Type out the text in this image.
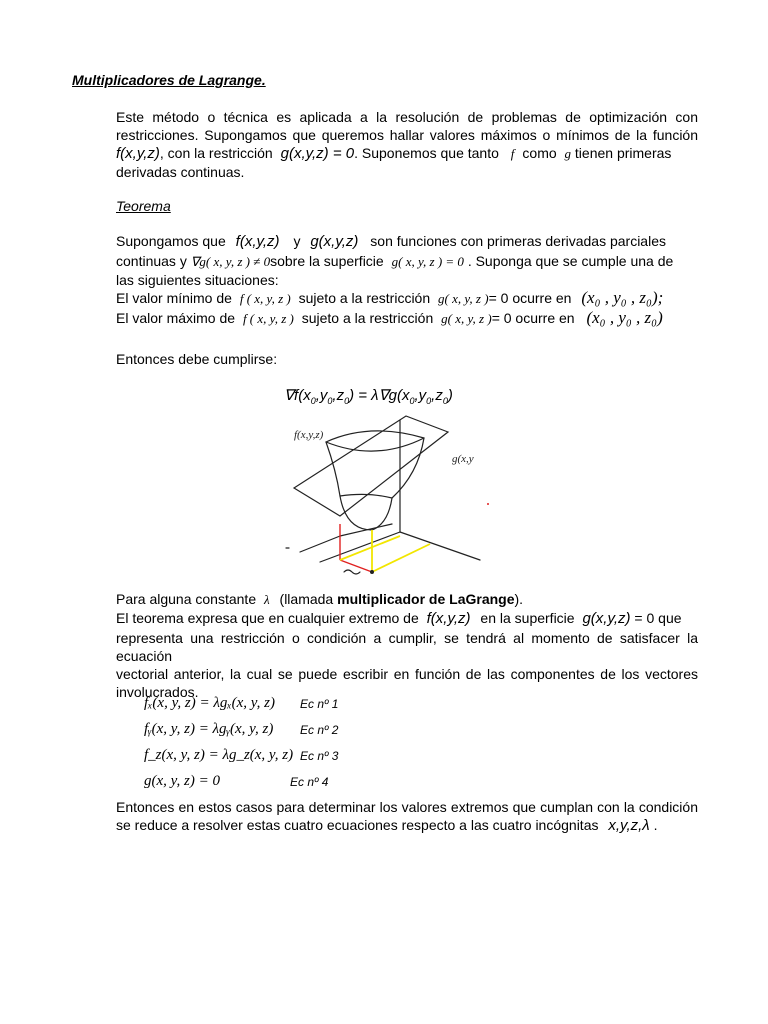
Multiplicadores de Lagrange.
Este método o técnica es aplicada a la resolución de problemas de optimización con
restricciones. Supongamos que queremos hallar valores máximos o mínimos de la función
f(x,y,z), con la restricción g(x,y,z) = 0. Suponemos que tanto f como g tienen primeras
derivadas continuas.
Teorema
Supongamos que f(x,y,z) y g(x,y,z) son funciones con primeras derivadas parciales
continuas y ∇g( x, y, z ) ≠ 0sobre la superficie g( x, y, z ) = 0 . Suponga que se cumple una de
las siguientes situaciones:
El valor mínimo de f ( x, y, z ) sujeto a la restricción g( x, y, z )= 0 ocurre en (x₀ , y₀ , z₀);
El valor máximo de f ( x, y, z ) sujeto a la restricción g( x, y, z )= 0 ocurre en (x₀ , y₀ , z₀)
Entonces debe cumplirse:
$\nabla f(x_0,y_0,z_0) = \lambda\nabla g(x_0,y_0,z_0)$
f(x,y,z)
g(x,y
Para alguna constante λ (llamada multiplicador de LaGrange).
El teorema expresa que en cualquier extremo de f(x,y,z) en la superficie g(x,y,z) = 0 que
representa una restricción o condición a cumplir, se tendrá al momento de satisfacer la ecuación
vectorial anterior, la cual se puede escribir en función de las componentes de los vectores
involucrados.
fₓ(x, y, z) = λgₓ(x, y, z) Ec nº 1
fᵧ(x, y, z) = λgᵧ(x, y, z) Ec nº 2
f_z(x, y, z) = λg_z(x, y, z) Ec nº 3
g(x, y, z) = 0	Ec nº 4
Entonces en estos casos para determinar los valores extremos que cumplan con la condición
se reduce a resolver estas cuatro ecuaciones respecto a las cuatro incógnitas x,y,z,λ .
